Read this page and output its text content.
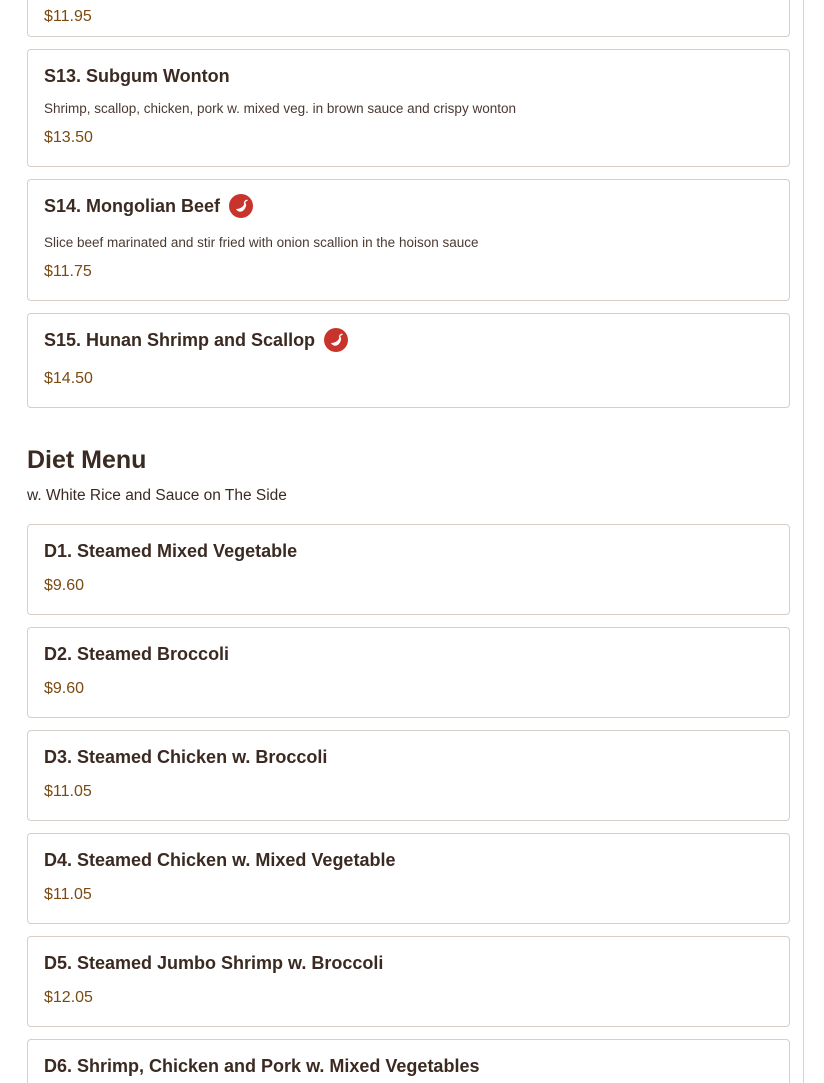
$11.95
S13. Subgum Wonton
Shrimp, scallop, chicken, pork w. mixed veg. in brown sauce and crispy wonton
$13.50
S14. Mongolian Beef
Slice beef marinated and stir fried with onion scallion in the hoison sauce
$11.75
S15. Hunan Shrimp and Scallop
$14.50
Diet Menu
w. White Rice and Sauce on The Side
D1. Steamed Mixed Vegetable
$9.60
D2. Steamed Broccoli
$9.60
D3. Steamed Chicken w. Broccoli
$11.05
D4. Steamed Chicken w. Mixed Vegetable
$11.05
D5. Steamed Jumbo Shrimp w. Broccoli
$12.05
D6. Shrimp, Chicken and Pork w. Mixed Vegetables
